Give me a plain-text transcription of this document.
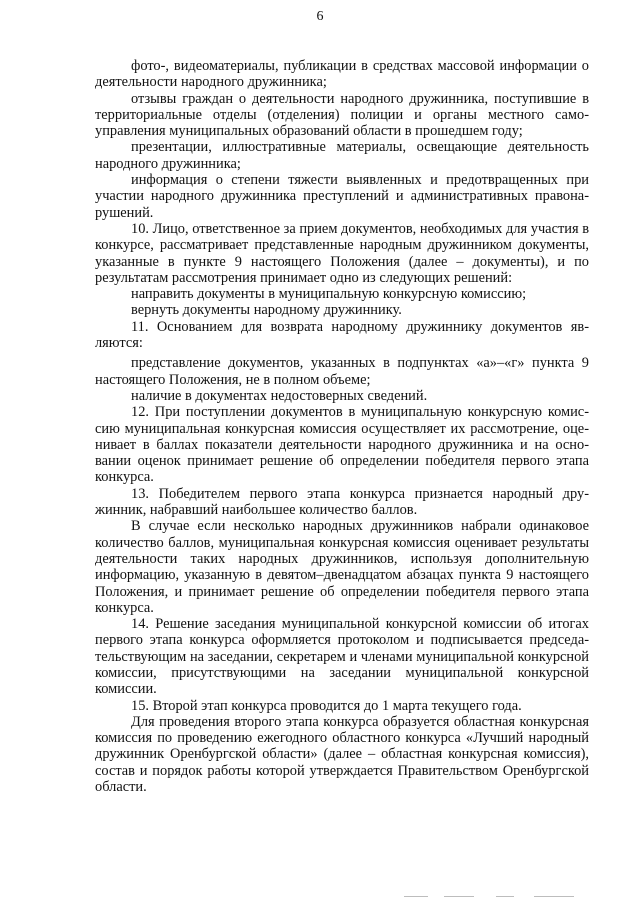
6

фото-, видеоматериалы, публикации в средствах массовой информации о деятельности народного дружинника;

отзывы граждан о деятельности народного дружинника, поступившие в территориальные отделы (отделения) полиции и органы местного самоуправления муниципальных образований области в прошедшем году;

презентации, иллюстративные материалы, освещающие деятельность народного дружинника;

информация о степени тяжести выявленных и предотвращенных при участии народного дружинника преступлений и административных правонарушений.

10. Лицо, ответственное за прием документов, необходимых для участия в конкурсе, рассматривает представленные народным дружинником документы, указанные в пункте 9 настоящего Положения (далее – документы), и по результатам рассмотрения принимает одно из следующих решений:

направить документы в муниципальную конкурсную комиссию;

вернуть документы народному дружиннику.

11. Основанием для возврата народному дружиннику документов являются:

представление документов, указанных в подпунктах «а»–«г» пункта 9 настоящего Положения, не в полном объеме;

наличие в документах недостоверных сведений.

12. При поступлении документов в муниципальную конкурсную комиссию муниципальная конкурсная комиссия осуществляет их рассмотрение, оценивает в баллах показатели деятельности народного дружинника и на основании оценок принимает решение об определении победителя первого этапа конкурса.

13. Победителем первого этапа конкурса признается народный дружинник, набравший наибольшее количество баллов.

В случае если несколько народных дружинников набрали одинаковое количество баллов, муниципальная конкурсная комиссия оценивает результаты деятельности таких народных дружинников, используя дополнительную информацию, указанную в девятом–двенадцатом абзацах пункта 9 настоящего Положения, и принимает решение об определении победителя первого этапа конкурса.

14. Решение заседания муниципальной конкурсной комиссии об итогах первого этапа конкурса оформляется протоколом и подписывается председательствующим на заседании, секретарем и членами муниципальной конкурсной комиссии, присутствующими на заседании муниципальной конкурсной комиссии.

15. Второй этап конкурса проводится до 1 марта текущего года.

Для проведения второго этапа конкурса образуется областная конкурсная комиссия по проведению ежегодного областного конкурса «Лучший народный дружинник Оренбургской области» (далее – областная конкурсная комиссия), состав и порядок работы которой утверждается Правительством Оренбургской области.
